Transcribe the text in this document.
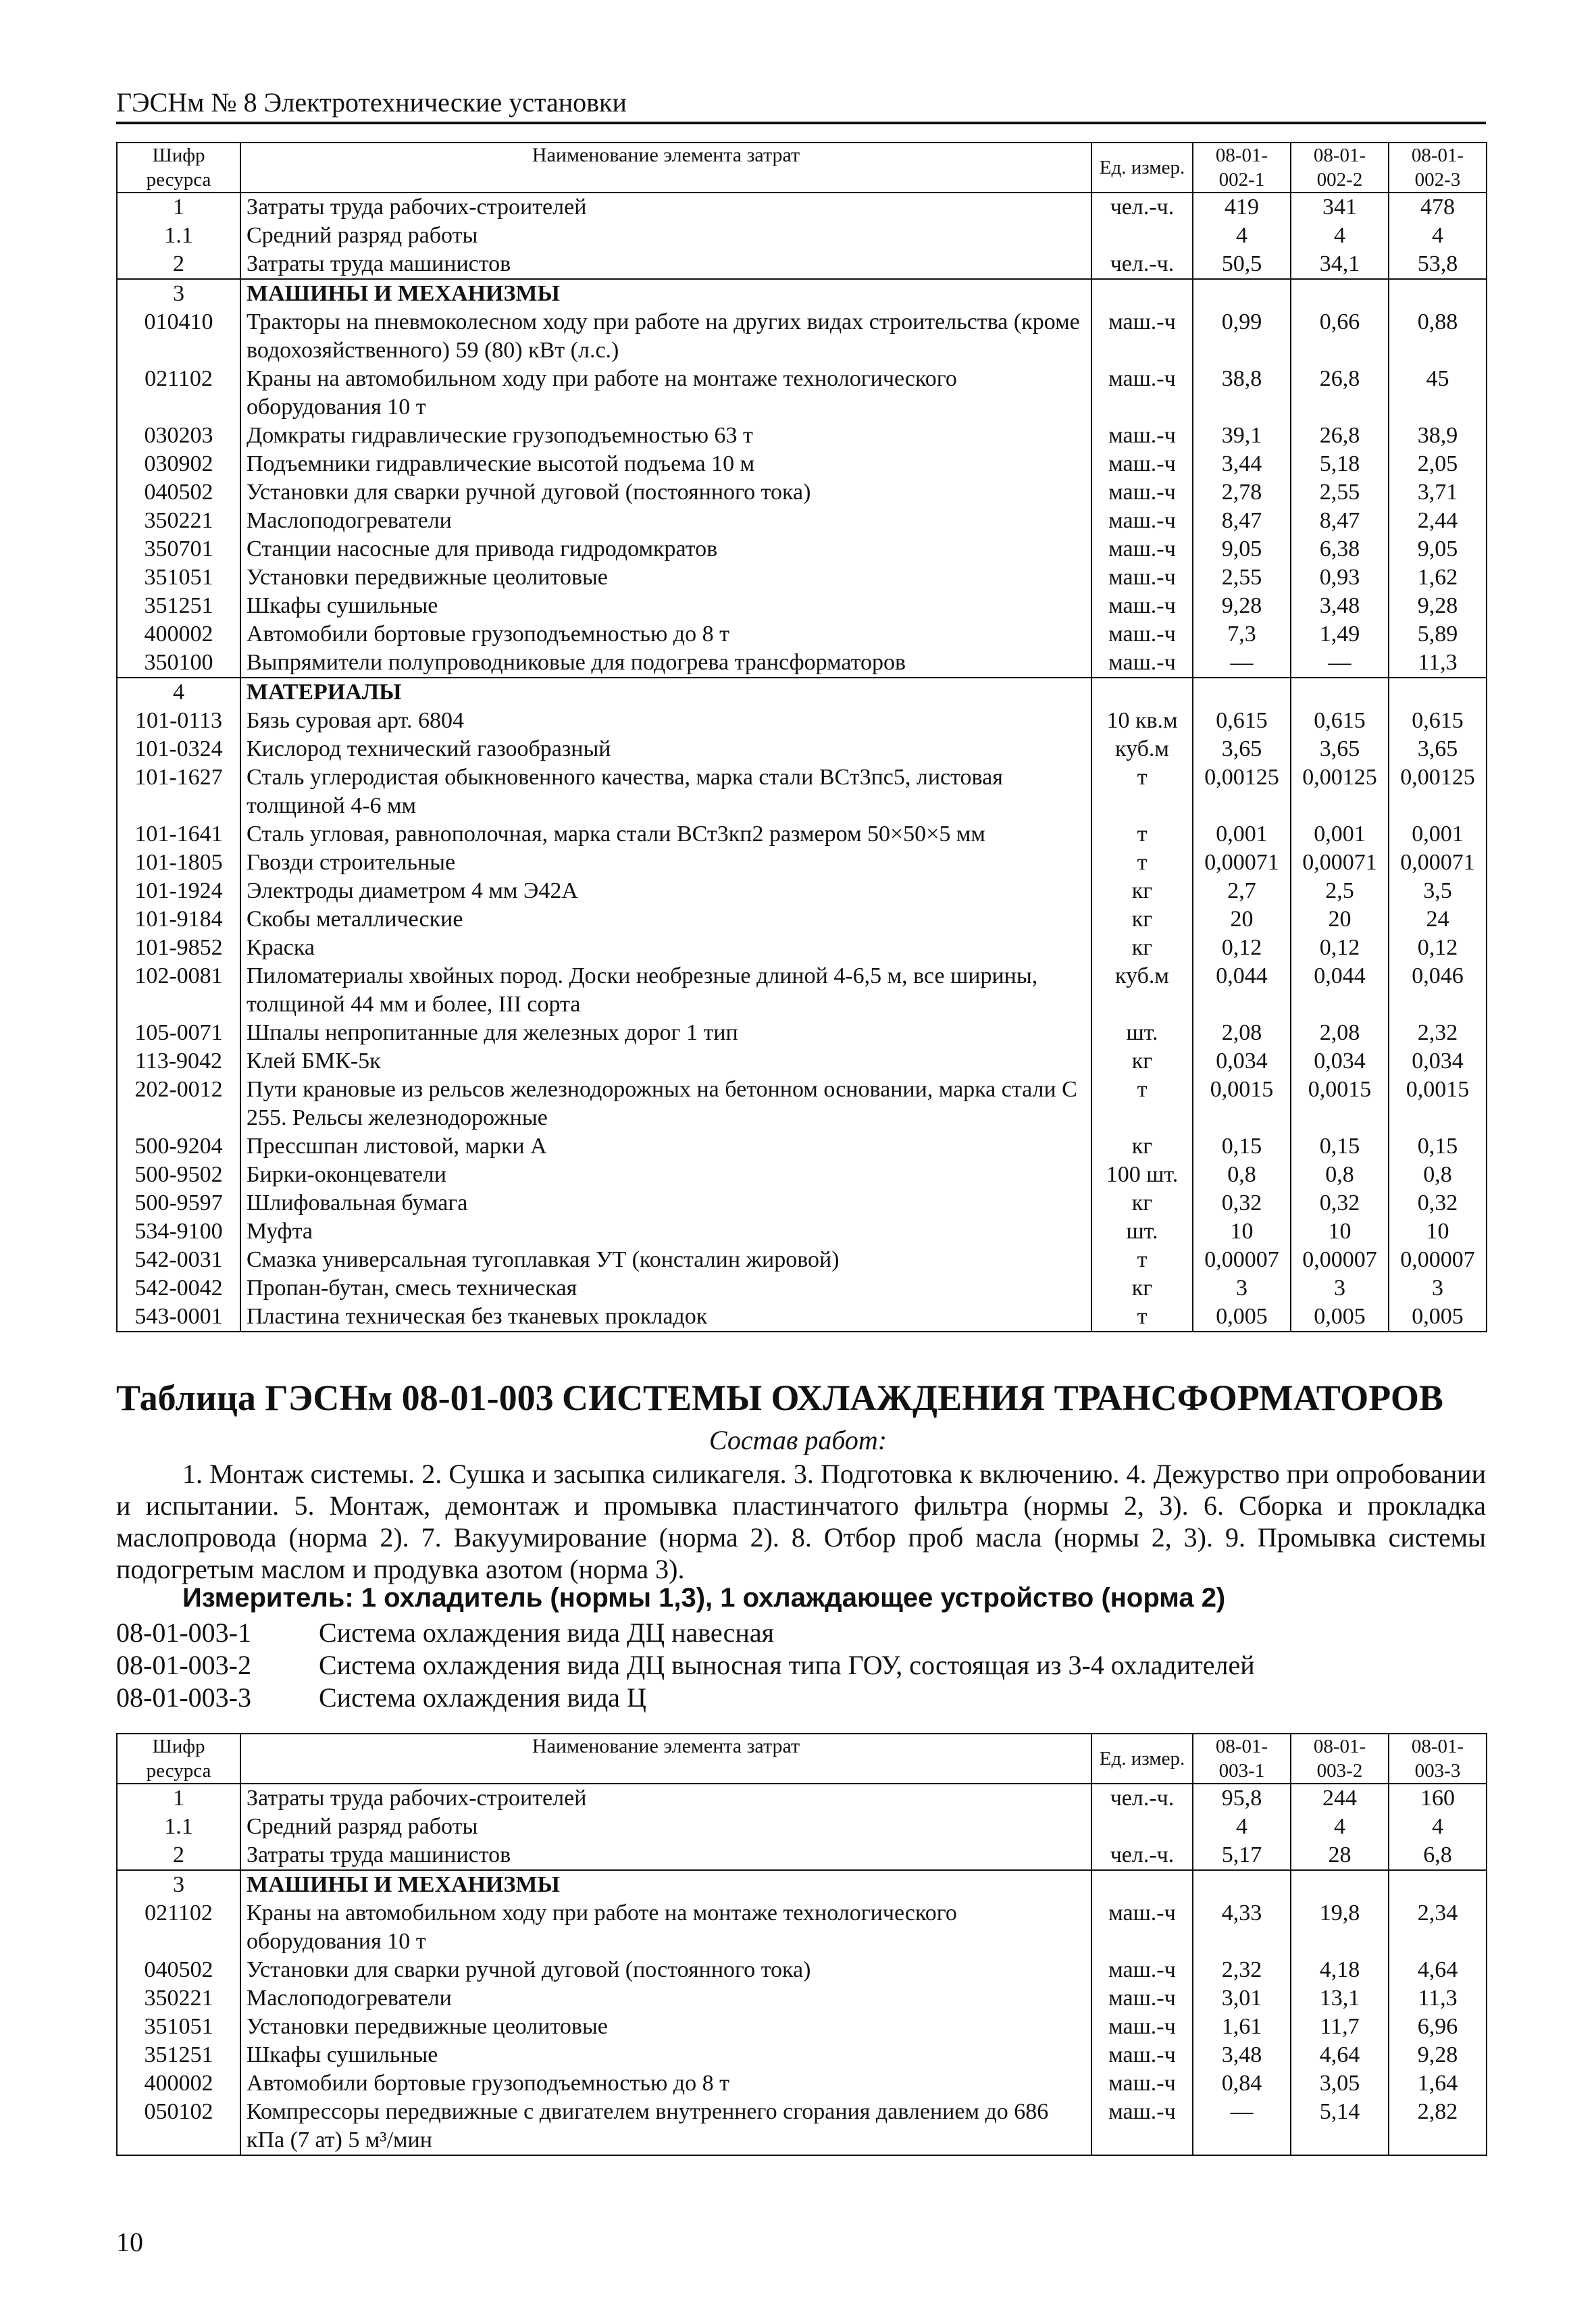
ГЭСНм № 8 Электротехнические установки
Шифр ресурса	Наименование элемента затрат	Ед. измер.	08-01-002-1	08-01-002-2	08-01-002-3
1	Затраты труда рабочих-строителей	чел.-ч.	419	341	478
1.1	Средний разряд работы		4	4	4
2	Затраты труда машинистов	чел.-ч.	50,5	34,1	53,8
3	МАШИНЫ И МЕХАНИЗМЫ				
010410	Тракторы на пневмоколесном ходу при работе на других видах строительства (кроме водохозяйственного) 59 (80) кВт (л.с.)	маш.-ч	0,99	0,66	0,88
021102	Краны на автомобильном ходу при работе на монтаже технологического оборудования 10 т	маш.-ч	38,8	26,8	45
030203	Домкраты гидравлические грузоподъемностью 63 т	маш.-ч	39,1	26,8	38,9
030902	Подъемники гидравлические высотой подъема 10 м	маш.-ч	3,44	5,18	2,05
040502	Установки для сварки ручной дуговой (постоянного тока)	маш.-ч	2,78	2,55	3,71
350221	Маслоподогреватели	маш.-ч	8,47	8,47	2,44
350701	Станции насосные для привода гидродомкратов	маш.-ч	9,05	6,38	9,05
351051	Установки передвижные цеолитовые	маш.-ч	2,55	0,93	1,62
351251	Шкафы сушильные	маш.-ч	9,28	3,48	9,28
400002	Автомобили бортовые грузоподъемностью до 8 т	маш.-ч	7,3	1,49	5,89
350100	Выпрямители полупроводниковые для подогрева трансформаторов	маш.-ч	—	—	11,3
4	МАТЕРИАЛЫ				
101-0113	Бязь суровая арт. 6804	10 кв.м	0,615	0,615	0,615
101-0324	Кислород технический газообразный	куб.м	3,65	3,65	3,65
101-1627	Сталь углеродистая обыкновенного качества, марка стали ВСт3пс5, листовая толщиной 4-6 мм	т	0,00125	0,00125	0,00125
101-1641	Сталь угловая, равнополочная, марка стали ВСт3кп2 размером 50×50×5 мм	т	0,001	0,001	0,001
101-1805	Гвозди строительные	т	0,00071	0,00071	0,00071
101-1924	Электроды диаметром 4 мм Э42А	кг	2,7	2,5	3,5
101-9184	Скобы металлические	кг	20	20	24
101-9852	Краска	кг	0,12	0,12	0,12
102-0081	Пиломатериалы хвойных пород. Доски необрезные длиной 4-6,5 м, все ширины, толщиной 44 мм и более, III сорта	куб.м	0,044	0,044	0,046
105-0071	Шпалы непропитанные для железных дорог 1 тип	шт.	2,08	2,08	2,32
113-9042	Клей БМК-5к	кг	0,034	0,034	0,034
202-0012	Пути крановые из рельсов железнодорожных на бетонном основании, марка стали С 255. Рельсы железнодорожные	т	0,0015	0,0015	0,0015
500-9204	Прессшпан листовой, марки А	кг	0,15	0,15	0,15
500-9502	Бирки-оконцеватели	100 шт.	0,8	0,8	0,8
500-9597	Шлифовальная бумага	кг	0,32	0,32	0,32
534-9100	Муфта	шт.	10	10	10
542-0031	Смазка универсальная тугоплавкая УТ (консталин жировой)	т	0,00007	0,00007	0,00007
542-0042	Пропан-бутан, смесь техническая	кг	3	3	3
543-0001	Пластина техническая без тканевых прокладок	т	0,005	0,005	0,005
Таблица ГЭСНм 08-01-003 СИСТЕМЫ ОХЛАЖДЕНИЯ ТРАНСФОРМАТОРОВ
Состав работ:
1. Монтаж системы. 2. Сушка и засыпка силикагеля. 3. Подготовка к включению. 4. Дежурство при опробовании и испытании. 5. Монтаж, демонтаж и промывка пластинчатого фильтра (нормы 2, 3). 6. Сборка и прокладка маслопровода (норма 2). 7. Вакуумирование (норма 2). 8. Отбор проб масла (нормы 2, 3). 9. Промывка системы подогретым маслом и продувка азотом (норма 3).
Измеритель: 1 охладитель (нормы 1,3), 1 охлаждающее устройство (норма 2)
08-01-003-1	Система охлаждения вида ДЦ навесная
08-01-003-2	Система охлаждения вида ДЦ выносная типа ГОУ, состоящая из 3-4 охладителей
08-01-003-3	Система охлаждения вида Ц
Шифр ресурса	Наименование элемента затрат	Ед. измер.	08-01-003-1	08-01-003-2	08-01-003-3
1	Затраты труда рабочих-строителей	чел.-ч.	95,8	244	160
1.1	Средний разряд работы		4	4	4
2	Затраты труда машинистов	чел.-ч.	5,17	28	6,8
3	МАШИНЫ И МЕХАНИЗМЫ				
021102	Краны на автомобильном ходу при работе на монтаже технологического оборудования 10 т	маш.-ч	4,33	19,8	2,34
040502	Установки для сварки ручной дуговой (постоянного тока)	маш.-ч	2,32	4,18	4,64
350221	Маслоподогреватели	маш.-ч	3,01	13,1	11,3
351051	Установки передвижные цеолитовые	маш.-ч	1,61	11,7	6,96
351251	Шкафы сушильные	маш.-ч	3,48	4,64	9,28
400002	Автомобили бортовые грузоподъемностью до 8 т	маш.-ч	0,84	3,05	1,64
050102	Компрессоры передвижные с двигателем внутреннего сгорания давлением до 686 кПа (7 ат) 5 м³/мин	маш.-ч	—	5,14	2,82
10
